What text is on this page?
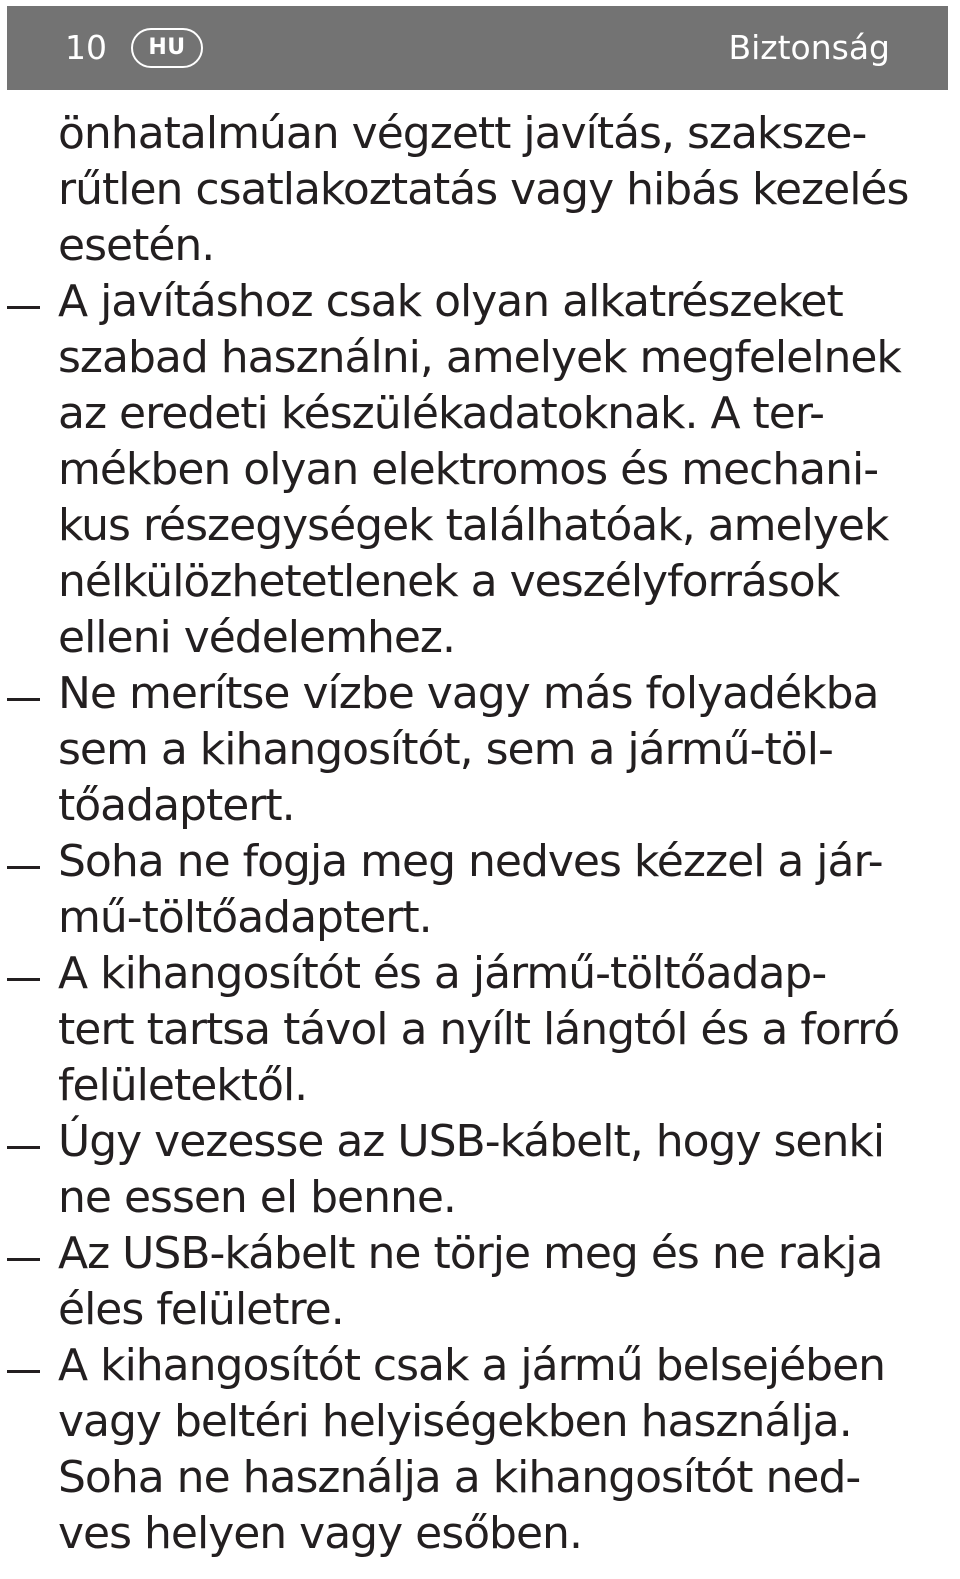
10	HU	Biztonság
önhatalmúan végzett javítás, szaksze-
rűtlen csatlakoztatás vagy hibás kezelés
esetén.
A javításhoz csak olyan alkatrészeket
szabad használni, amelyek megfelelnek
az eredeti készülékadatoknak. A ter-
mékben olyan elektromos és mechani-
kus részegységek találhatóak, amelyek
nélkülözhetetlenek a veszélyforrások
elleni védelemhez.
Ne merítse vízbe vagy más folyadékba
sem a kihangosítót, sem a jármű-töl-
tőadaptert.
Soha ne fogja meg nedves kézzel a jár-
mű-töltőadaptert.
A kihangosítót és a jármű-töltőadap-
tert tartsa távol a nyílt lángtól és a forró
felületektől.
Úgy vezesse az USB-kábelt, hogy senki
ne essen el benne.
Az USB-kábelt ne törje meg és ne rakja
éles felületre.
A kihangosítót csak a jármű belsejében
vagy beltéri helyiségekben használja.
Soha ne használja a kihangosítót ned-
ves helyen vagy esőben.
